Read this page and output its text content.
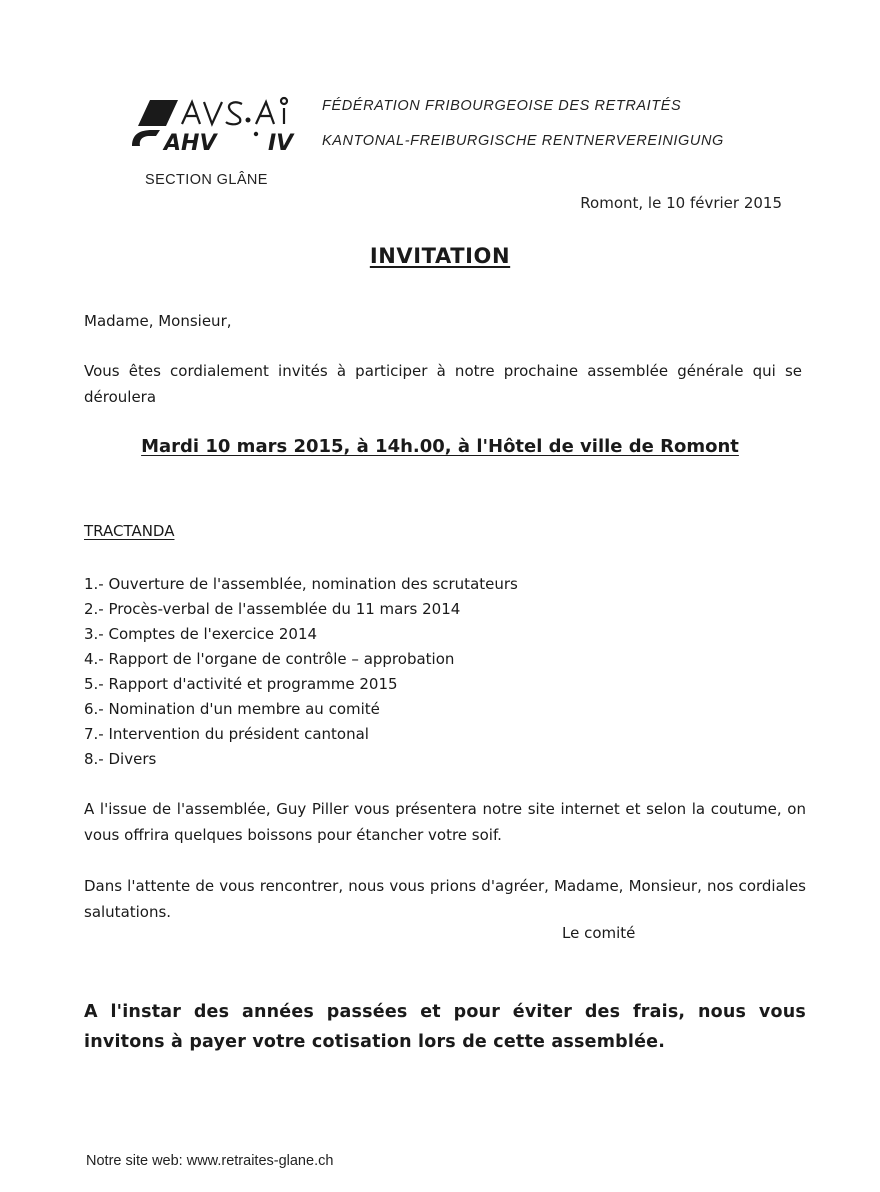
AHV IV
FÉDÉRATION FRIBOURGEOISE DES RETRAITÉS
KANTONAL-FREIBURGISCHE RENTNERVEREINIGUNG
SECTION GLÂNE
Romont, le 10 février 2015
INVITATION
Madame, Monsieur,
Vous êtes cordialement invités à participer à notre prochaine assemblée générale qui se déroulera
Mardi 10 mars 2015, à 14h.00, à l'Hôtel de ville de Romont
TRACTANDA
1.- Ouverture de l'assemblée, nomination des scrutateurs
2.- Procès-verbal de l'assemblée du 11 mars 2014
3.- Comptes de l'exercice 2014
4.- Rapport de l'organe de contrôle – approbation
5.- Rapport d'activité et programme 2015
6.- Nomination d'un membre au comité
7.- Intervention du président cantonal
8.- Divers
A l'issue de l'assemblée, Guy Piller vous présentera notre site internet et selon la coutume, on vous offrira quelques boissons pour étancher votre soif.
Dans l'attente de vous rencontrer, nous vous prions d'agréer, Madame, Monsieur, nos cordiales salutations.
Le comité
A l'instar des années passées et pour éviter des frais, nous vous invitons à payer votre cotisation lors de cette assemblée.
Notre site web: www.retraites-glane.ch
